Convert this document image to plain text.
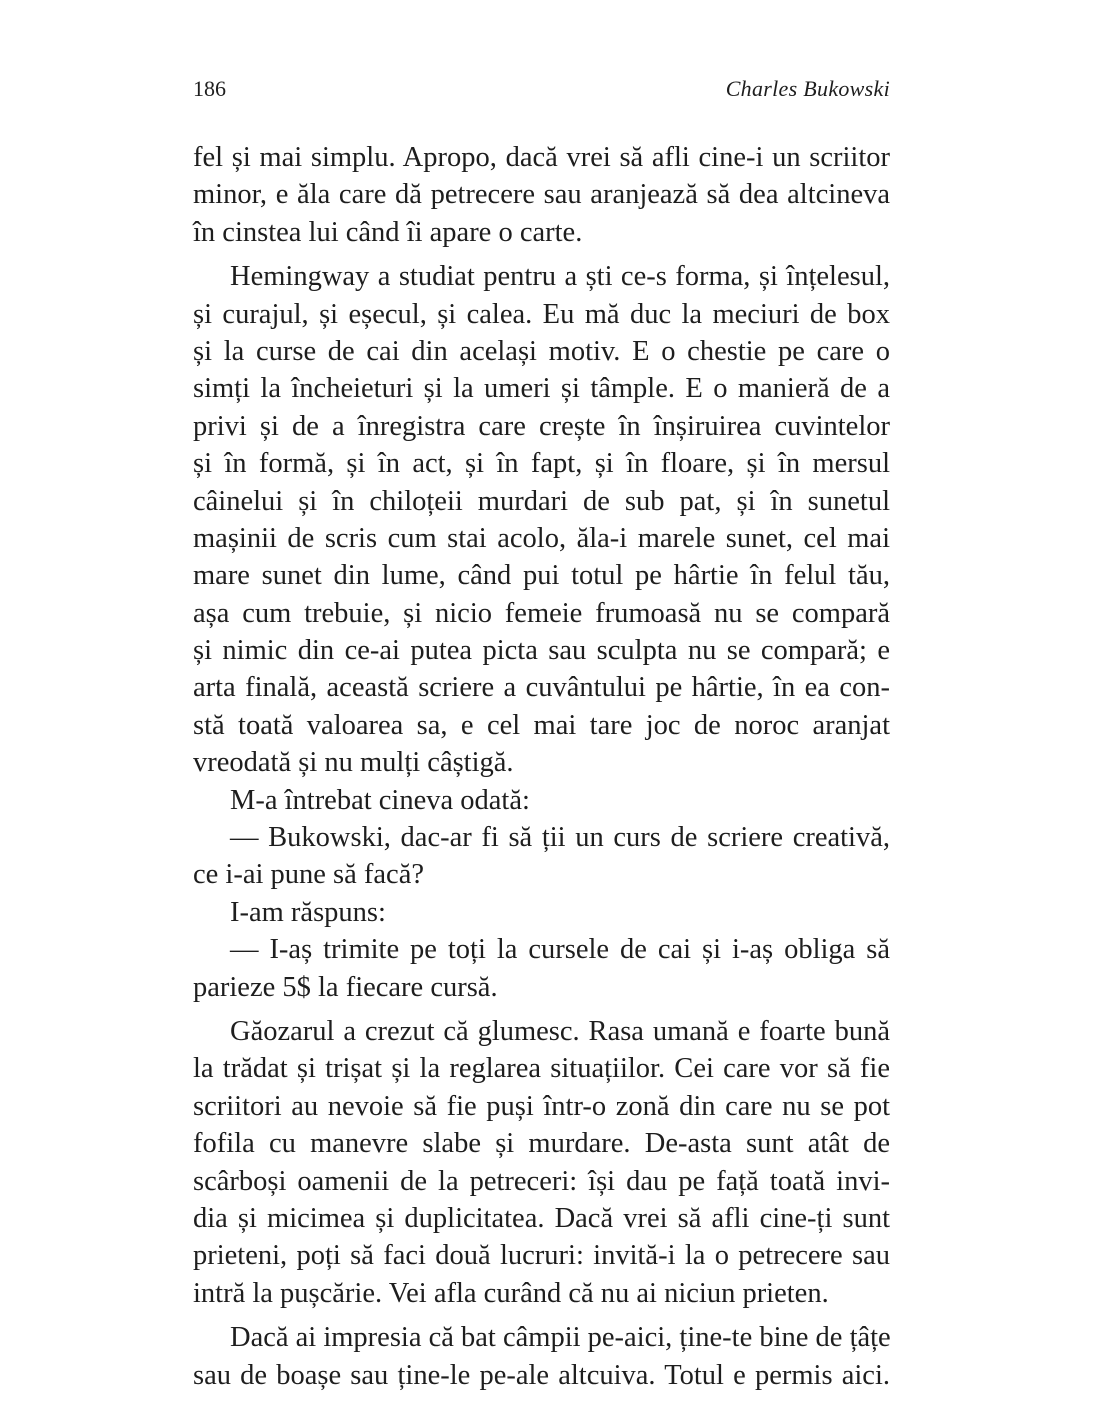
186	Charles Bukowski
fel și mai simplu. Apropo, dacă vrei să afli cine-i un scriitor
minor, e ăla care dă petrecere sau aranjează să dea altcineva
în cinstea lui când îi apare o carte.
Hemingway a studiat pentru a ști ce-s forma, și înțelesul,
și curajul, și eșecul, și calea. Eu mă duc la meciuri de box
și la curse de cai din același motiv. E o chestie pe care o
simți la încheieturi și la umeri și tâmple. E o manieră de a
privi și de a înregistra care crește în înșiruirea cuvintelor
și în formă, și în act, și în fapt, și în floare, și în mersul
câinelui și în chiloțeii murdari de sub pat, și în sunetul
mașinii de scris cum stai acolo, ăla-i marele sunet, cel mai
mare sunet din lume, când pui totul pe hârtie în felul tău,
așa cum trebuie, și nicio femeie frumoasă nu se compară
și nimic din ce-ai putea picta sau sculpta nu se compară; e
arta finală, această scriere a cuvântului pe hârtie, în ea con-
stă toată valoarea sa, e cel mai tare joc de noroc aranjat
vreodată și nu mulți câștigă.
M-a întrebat cineva odată:
— Bukowski, dac-ar fi să ții un curs de scriere creativă,
ce i-ai pune să facă?
I-am răspuns:
— I-aș trimite pe toți la cursele de cai și i-aș obliga să
parieze 5$ la fiecare cursă.
Găozarul a crezut că glumesc. Rasa umană e foarte bună
la trădat și trișat și la reglarea situațiilor. Cei care vor să fie
scriitori au nevoie să fie puși într-o zonă din care nu se pot
fofila cu manevre slabe și murdare. De-asta sunt atât de
scârboși oamenii de la petreceri: își dau pe față toată invi-
dia și micimea și duplicitatea. Dacă vrei să afli cine-ți sunt
prieteni, poți să faci două lucruri: invită-i la o petrecere sau
intră la pușcărie. Vei afla curând că nu ai niciun prieten.
Dacă ai impresia că bat câmpii pe-aici, ține-te bine de țâțe
sau de boașe sau ține-le pe-ale altcuiva. Totul e permis aici.
